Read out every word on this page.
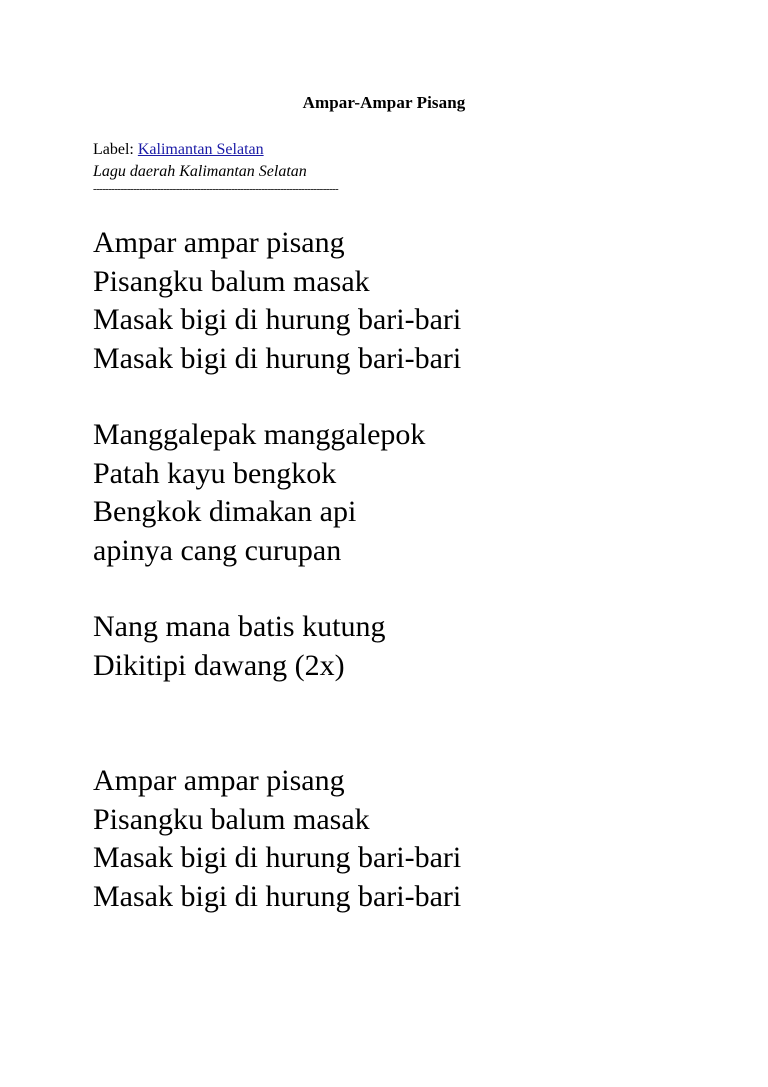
Ampar-Ampar Pisang
Label: Kalimantan Selatan
Lagu daerah Kalimantan Selatan
--------------------------------------------------------------------------------
Ampar ampar pisang
Pisangku balum masak
Masak bigi di hurung bari-bari
Masak bigi di hurung bari-bari
Manggalepak manggalepok
Patah kayu bengkok
Bengkok dimakan api
apinya cang curupan
Nang mana batis kutung
Dikitipi dawang (2x)
Ampar ampar pisang
Pisangku balum masak
Masak bigi di hurung bari-bari
Masak bigi di hurung bari-bari
